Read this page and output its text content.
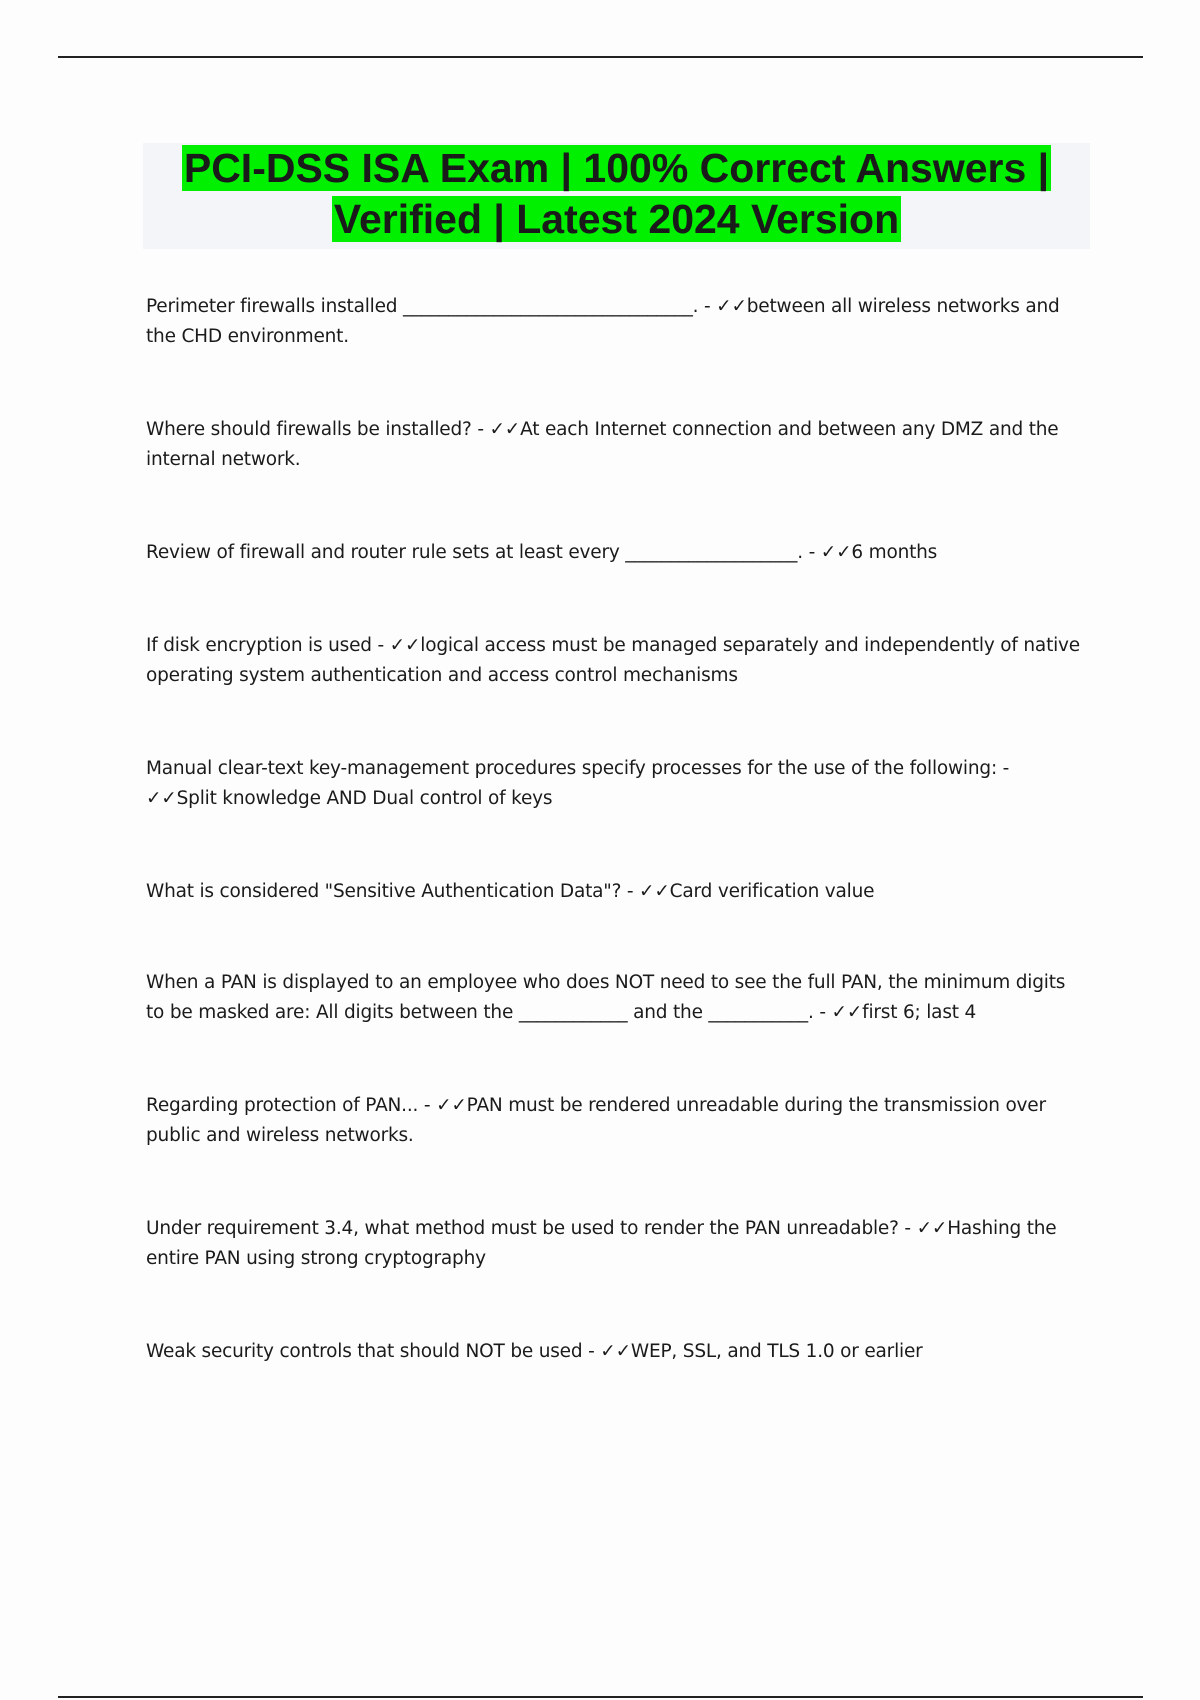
PCI-DSS ISA Exam | 100% Correct Answers |
Verified | Latest 2024 Version
Perimeter firewalls installed ________________________________. - ✓✓between all wireless networks and the CHD environment.
Where should firewalls be installed? - ✓✓At each Internet connection and between any DMZ and the internal network.
Review of firewall and router rule sets at least every ___________________. - ✓✓6 months
If disk encryption is used - ✓✓logical access must be managed separately and independently of native operating system authentication and access control mechanisms
Manual clear-text key-management procedures specify processes for the use of the following: - ✓✓Split knowledge AND Dual control of keys
What is considered "Sensitive Authentication Data"? - ✓✓Card verification value
When a PAN is displayed to an employee who does NOT need to see the full PAN, the minimum digits to be masked are: All digits between the ____________ and the ___________. - ✓✓first 6; last 4
Regarding protection of PAN... - ✓✓PAN must be rendered unreadable during the transmission over public and wireless networks.
Under requirement 3.4, what method must be used to render the PAN unreadable? - ✓✓Hashing the entire PAN using strong cryptography
Weak security controls that should NOT be used - ✓✓WEP, SSL, and TLS 1.0 or earlier
